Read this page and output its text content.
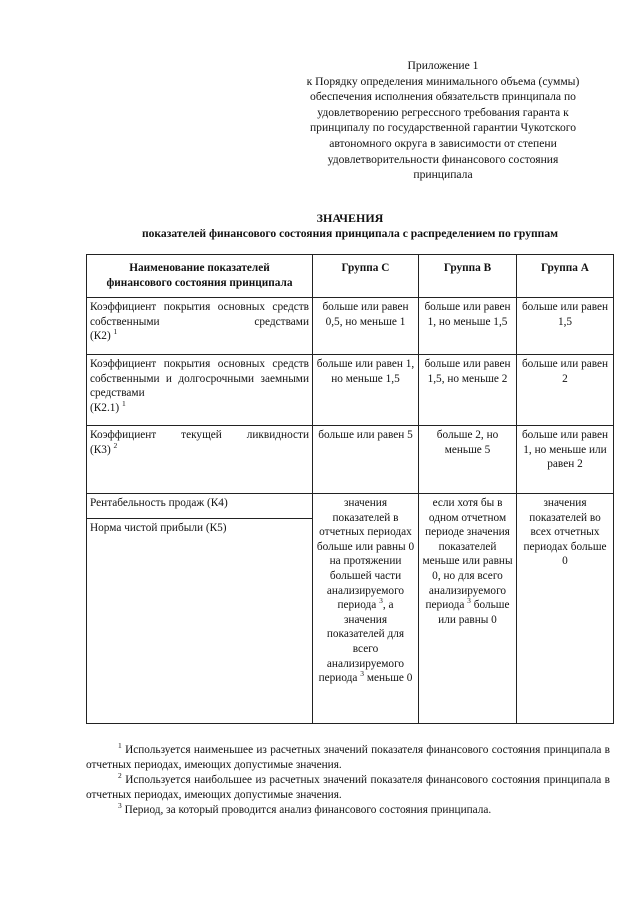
Приложение 1
к Порядку определения минимального объема (суммы)
обеспечения исполнения обязательств принципала по
удовлетворению регрессного требования гаранта к
принципалу по государственной гарантии Чукотского
автономного округа в зависимости от степени
удовлетворительности финансового состояния
принципала
ЗНАЧЕНИЯ
показателей финансового состояния принципала с распределением по группам
Наименование показателей
финансового состояния принципала	Группа C	Группа B	Группа A
Коэффициент покрытия основных средств собственными средствами
(К2) $^1$	больше или равен 0,5, но меньше 1	больше или равен 1, но меньше 1,5	больше или равен 1,5
Коэффициент покрытия основных средств собственными и долгосрочными заемными средствами
(К2.1) $^1$	больше или равен 1, но меньше 1,5	больше или равен 1,5, но меньше 2	больше или равен 2
Коэффициент текущей ликвидности
(К3) $^2$	больше или равен 5	больше 2, но меньше 5	больше или равен 1, но меньше или равен 2
Рентабельность продаж (К4)	значения показателей в отчетных периодах больше или равны 0 на протяжении большей части анализируемого периода $^3$, а значения показателей для всего анализируемого периода $^3$ меньше 0	если хотя бы в одном отчетном периоде значения показателей меньше или равны 0, но для всего анализируемого периода $^3$ больше или равны 0	значения показателей во всех отчетных периодах больше 0
Норма чистой прибыли (К5)			

$^1$ Используется наименьшее из расчетных значений показателя финансового состояния принципала в отчетных периодах, имеющих допустимые значения.

$^2$ Используется наибольшее из расчетных значений показателя финансового состояния принципала в отчетных периодах, имеющих допустимые значения.

$^3$ Период, за который проводится анализ финансового состояния принципала.
